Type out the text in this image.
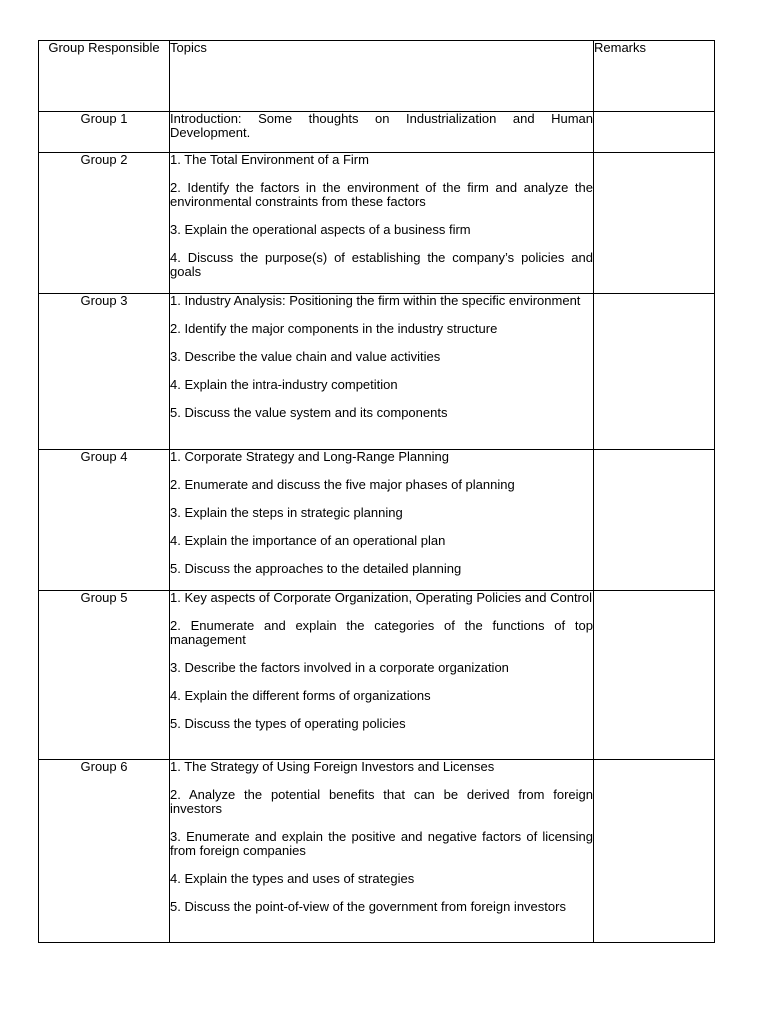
Group Responsible	Topics	Remarks
Group 1	Introduction: Some thoughts on Industrialization and Human Development.	

Group 2	1. The Total Environment of a Firm

2. Identify the factors in the environment of the firm and analyze the environmental constraints from these factors

3. Explain the operational aspects of a business firm

4. Discuss the purpose(s) of establishing the company’s policies and goals	

Group 3	1. Industry Analysis: Positioning the firm within the specific environment

2. Identify the major components in the industry structure

3. Describe the value chain and value activities

4. Explain the intra-industry competition

5. Discuss the value system and its components	

Group 4	1. Corporate Strategy and Long-Range Planning

2. Enumerate and discuss the five major phases of planning

3. Explain the steps in strategic planning

4. Explain the importance of an operational plan

5. Discuss the approaches to the detailed planning	

Group 5	1. Key aspects of Corporate Organization, Operating Policies and Control

2. Enumerate and explain the categories of the functions of top management

3. Describe the factors involved in a corporate organization

4. Explain the different forms of organizations

5. Discuss the types of operating policies	

Group 6	1. The Strategy of Using Foreign Investors and Licenses

2. Analyze the potential benefits that can be derived from foreign investors

3. Enumerate and explain the positive and negative factors of licensing from foreign companies

4. Explain the types and uses of strategies

5. Discuss the point-of-view of the government from foreign investors	
